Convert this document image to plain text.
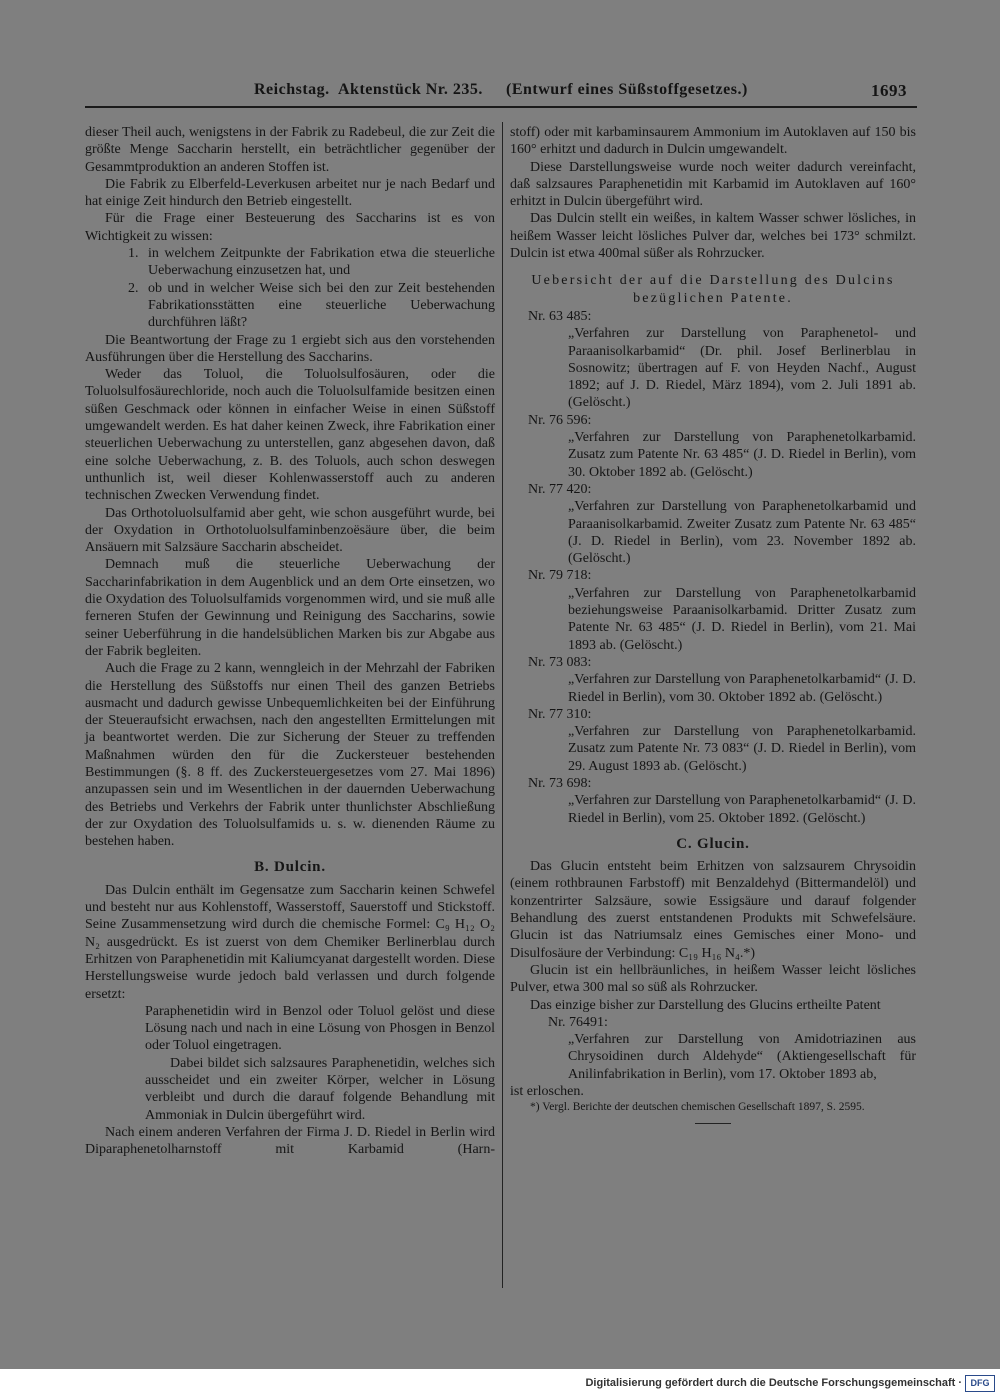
Reichstag. Aktenstück Nr. 235. (Entwurf eines Süßstoffgesetzes.)	1693

dieser Theil auch, wenigstens in der Fabrik zu Radebeul, die zur Zeit die größte Menge Saccharin herstellt, ein beträchtlicher gegenüber der Gesammtproduktion an anderen Stoffen ist.

Die Fabrik zu Elberfeld-Leverkusen arbeitet nur je nach Bedarf und hat einige Zeit hindurch den Betrieb eingestellt.

Für die Frage einer Besteuerung des Saccharins ist es von Wichtigkeit zu wissen:

1. in welchem Zeitpunkte der Fabrikation etwa die steuerliche Ueberwachung einzusetzen hat, und
2. ob und in welcher Weise sich bei den zur Zeit bestehenden Fabrikationsstätten eine steuerliche Ueberwachung durchführen läßt?

Die Beantwortung der Frage zu 1 ergiebt sich aus den vorstehenden Ausführungen über die Herstellung des Saccharins.

Weder das Toluol, die Toluolsulfosäuren, oder die Toluolsulfosäurechloride, noch auch die Toluolsulfamide besitzen einen süßen Geschmack oder können in einfacher Weise in einen Süßstoff umgewandelt werden. Es hat daher keinen Zweck, ihre Fabrikation einer steuerlichen Ueberwachung zu unterstellen, ganz abgesehen davon, daß eine solche Ueberwachung, z. B. des Toluols, auch schon deswegen unthunlich ist, weil dieser Kohlenwasserstoff auch zu anderen technischen Zwecken Verwendung findet.

Das Orthotoluolsulfamid aber geht, wie schon ausgeführt wurde, bei der Oxydation in Orthotoluolsulfaminbenzoësäure über, die beim Ansäuern mit Salzsäure Saccharin abscheidet.

Demnach muß die steuerliche Ueberwachung der Saccharinfabrikation in dem Augenblick und an dem Orte einsetzen, wo die Oxydation des Toluolsulfamids vorgenommen wird, und sie muß alle ferneren Stufen der Gewinnung und Reinigung des Saccharins, sowie seiner Ueberführung in die handelsüblichen Marken bis zur Abgabe aus der Fabrik begleiten.

Auch die Frage zu 2 kann, wenngleich in der Mehrzahl der Fabriken die Herstellung des Süßstoffs nur einen Theil des ganzen Betriebs ausmacht und dadurch gewisse Unbequemlichkeiten bei der Einführung der Steueraufsicht erwachsen, nach den angestellten Ermittelungen mit ja beantwortet werden. Die zur Sicherung der Steuer zu treffenden Maßnahmen würden den für die Zuckersteuer bestehenden Bestimmungen (§. 8 ff. des Zuckersteuergesetzes vom 27. Mai 1896) anzupassen sein und im Wesentlichen in der dauernden Ueberwachung des Betriebs und Verkehrs der Fabrik unter thunlichster Abschließung der zur Oxydation des Toluolsulfamids u. s. w. dienenden Räume zu bestehen haben.

B. Dulcin.

Das Dulcin enthält im Gegensatze zum Saccharin keinen Schwefel und besteht nur aus Kohlenstoff, Wasserstoff, Sauerstoff und Stickstoff. Seine Zusammensetzung wird durch die chemische Formel: C₉ H₁₂ O₂ N₂ ausgedrückt. Es ist zuerst von dem Chemiker Berlinerblau durch Erhitzen von Paraphenetidin mit Kaliumcyanat dargestellt worden. Diese Herstellungsweise wurde jedoch bald verlassen und durch folgende ersetzt:

Paraphenetidin wird in Benzol oder Toluol gelöst und diese Lösung nach und nach in eine Lösung von Phosgen in Benzol oder Toluol eingetragen.

Dabei bildet sich salzsaures Paraphenetidin, welches sich ausscheidet und ein zweiter Körper, welcher in Lösung verbleibt und durch die darauf folgende Behandlung mit Ammoniak in Dulcin übergeführt wird.

Nach einem anderen Verfahren der Firma J. D. Riedel in Berlin wird Diparaphenetolharnstoff mit Karbamid (Harn-

stoff) oder mit karbaminsaurem Ammonium im Autoklaven auf 150 bis 160° erhitzt und dadurch in Dulcin umgewandelt.

Diese Darstellungsweise wurde noch weiter dadurch vereinfacht, daß salzsaures Paraphenetidin mit Karbamid im Autoklaven auf 160° erhitzt in Dulcin übergeführt wird.

Das Dulcin stellt ein weißes, in kaltem Wasser schwer lösliches, in heißem Wasser leicht lösliches Pulver dar, welches bei 173° schmilzt. Dulcin ist etwa 400mal süßer als Rohrzucker.

Uebersicht der auf die Darstellung des Dulcins bezüglichen Patente.
Nr. 63 485:
„Verfahren zur Darstellung von Paraphenetol- und Paraanisolkarbamid“ (Dr. phil. Josef Berlinerblau in Sosnowitz; übertragen auf F. von Heyden Nachf., August 1892; auf J. D. Riedel, März 1894), vom 2. Juli 1891 ab. (Gelöscht.)
Nr. 76 596:
„Verfahren zur Darstellung von Paraphenetolkarbamid. Zusatz zum Patente Nr. 63 485“ (J. D. Riedel in Berlin), vom 30. Oktober 1892 ab. (Gelöscht.)
Nr. 77 420:
„Verfahren zur Darstellung von Paraphenetolkarbamid und Paraanisolkarbamid. Zweiter Zusatz zum Patente Nr. 63 485“ (J. D. Riedel in Berlin), vom 23. November 1892 ab. (Gelöscht.)
Nr. 79 718:
„Verfahren zur Darstellung von Paraphenetolkarbamid beziehungsweise Paraanisolkarbamid. Dritter Zusatz zum Patente Nr. 63 485“ (J. D. Riedel in Berlin), vom 21. Mai 1893 ab. (Gelöscht.)
Nr. 73 083:
„Verfahren zur Darstellung von Paraphenetolkarbamid“ (J. D. Riedel in Berlin), vom 30. Oktober 1892 ab. (Gelöscht.)
Nr. 77 310:
„Verfahren zur Darstellung von Paraphenetolkarbamid. Zusatz zum Patente Nr. 73 083“ (J. D. Riedel in Berlin), vom 29. August 1893 ab. (Gelöscht.)
Nr. 73 698:
„Verfahren zur Darstellung von Paraphenetolkarbamid“ (J. D. Riedel in Berlin), vom 25. Oktober 1892. (Gelöscht.)
C. Glucin.

Das Glucin entsteht beim Erhitzen von salzsaurem Chrysoidin (einem rothbraunen Farbstoff) mit Benzaldehyd (Bittermandelöl) und konzentrirter Salzsäure, sowie Essigsäure und darauf folgender Behandlung des zuerst entstandenen Produkts mit Schwefelsäure. Glucin ist das Natriumsalz eines Gemisches einer Mono- und Disulfosäure der Verbindung: C₁₉ H₁₆ N₄.*)

Glucin ist ein hellbräunliches, in heißem Wasser leicht lösliches Pulver, etwa 300 mal so süß als Rohrzucker.

Das einzige bisher zur Darstellung des Glucins ertheilte Patent

Nr. 76491:
„Verfahren zur Darstellung von Amidotriazinen aus Chrysoidinen durch Aldehyde“ (Aktiengesellschaft für Anilinfabrikation in Berlin), vom 17. Oktober 1893 ab,

ist erloschen.

*) Vergl. Berichte der deutschen chemischen Gesellschaft 1897, S. 2595.

Digitalisierung gefördert durch die Deutsche Forschungsgemeinschaft · DFG
